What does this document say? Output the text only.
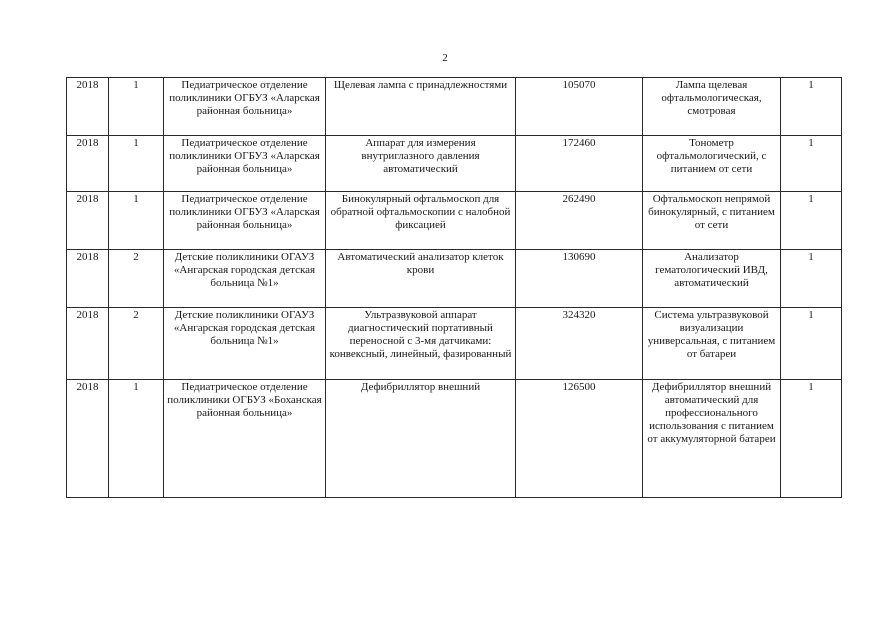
2
2018	1	Педиатрическое отделение поликлиники ОГБУЗ «Аларская районная больница»	Щелевая лампа с принадлежностями	105070	Лампа щелевая офтальмологическая, смотровая	1
2018	1	Педиатрическое отделение поликлиники ОГБУЗ «Аларская районная больница»	Аппарат для измерения внутриглазного давления автоматический	172460	Тонометр офтальмологический, с питанием от сети	1
2018	1	Педиатрическое отделение поликлиники ОГБУЗ «Аларская районная больница»	Бинокулярный офтальмоскоп для обратной офтальмоскопии с налобной фиксацией	262490	Офтальмоскоп непрямой бинокулярный, с питанием от сети	1
2018	2	Детские поликлиники ОГАУЗ «Ангарская городская детская больница №1»	Автоматический анализатор клеток крови	130690	Анализатор гематологический ИВД, автоматический	1
2018	2	Детские поликлиники ОГАУЗ «Ангарская городская детская больница №1»	Ультразвуковой аппарат диагностический портативный переносной с 3-мя датчиками: конвексный, линейный, фазированный	324320	Система ультразвуковой визуализации универсальная, с питанием от батареи	1
2018	1	Педиатрическое отделение поликлиники ОГБУЗ «Боханская районная больница»	Дефибриллятор внешний	126500	Дефибриллятор внешний автоматический для профессионального использования с питанием от аккумуляторной батареи	1
